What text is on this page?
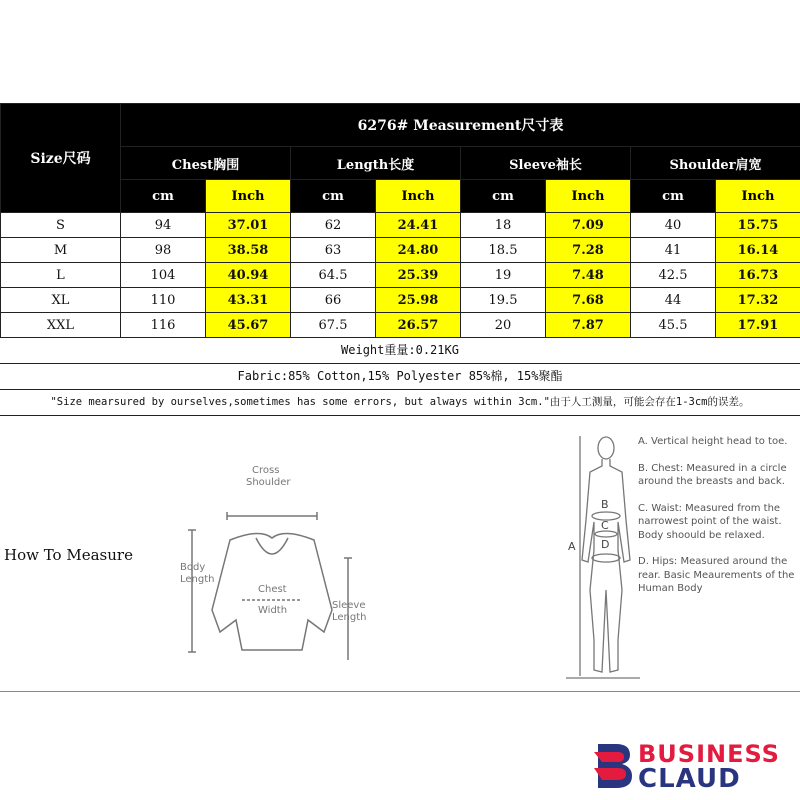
Size尺码	6276# Measurement尺寸表							
	Chest胸围		Length长度		Sleeve袖长		Shoulder肩宽	
	cm	Inch	cm	Inch	cm	Inch	cm	Inch
S	94	37.01	62	24.41	18	7.09	40	15.75
M	98	38.58	63	24.80	18.5	7.28	41	16.14
L	104	40.94	64.5	25.39	19	7.48	42.5	16.73
XL	110	43.31	66	25.98	19.5	7.68	44	17.32
XXL	116	45.67	67.5	26.57	20	7.87	45.5	17.91
Weight重量:0.21KG
Fabric:85% Cotton,15% Polyester 85%棉, 15%聚酯
"Size mearsured by ourselves,sometimes has some errors, but always within 3cm."由于人工测量，可能会存在1-3cm的误差。
How To Measure
Cross
Shoulder
Body
Length
Chest
Width	Sleeve
Length
A
B
C
D

A. Vertical height head to toe.

B. Chest: Measured in a circle around the breasts and back.

C. Waist: Measured from the narrowest point of the waist. Body shoould be relaxed.

D. Hips: Measured around the rear. Basic Meaurements of the Human Body

BUSINESS
CLAUD
